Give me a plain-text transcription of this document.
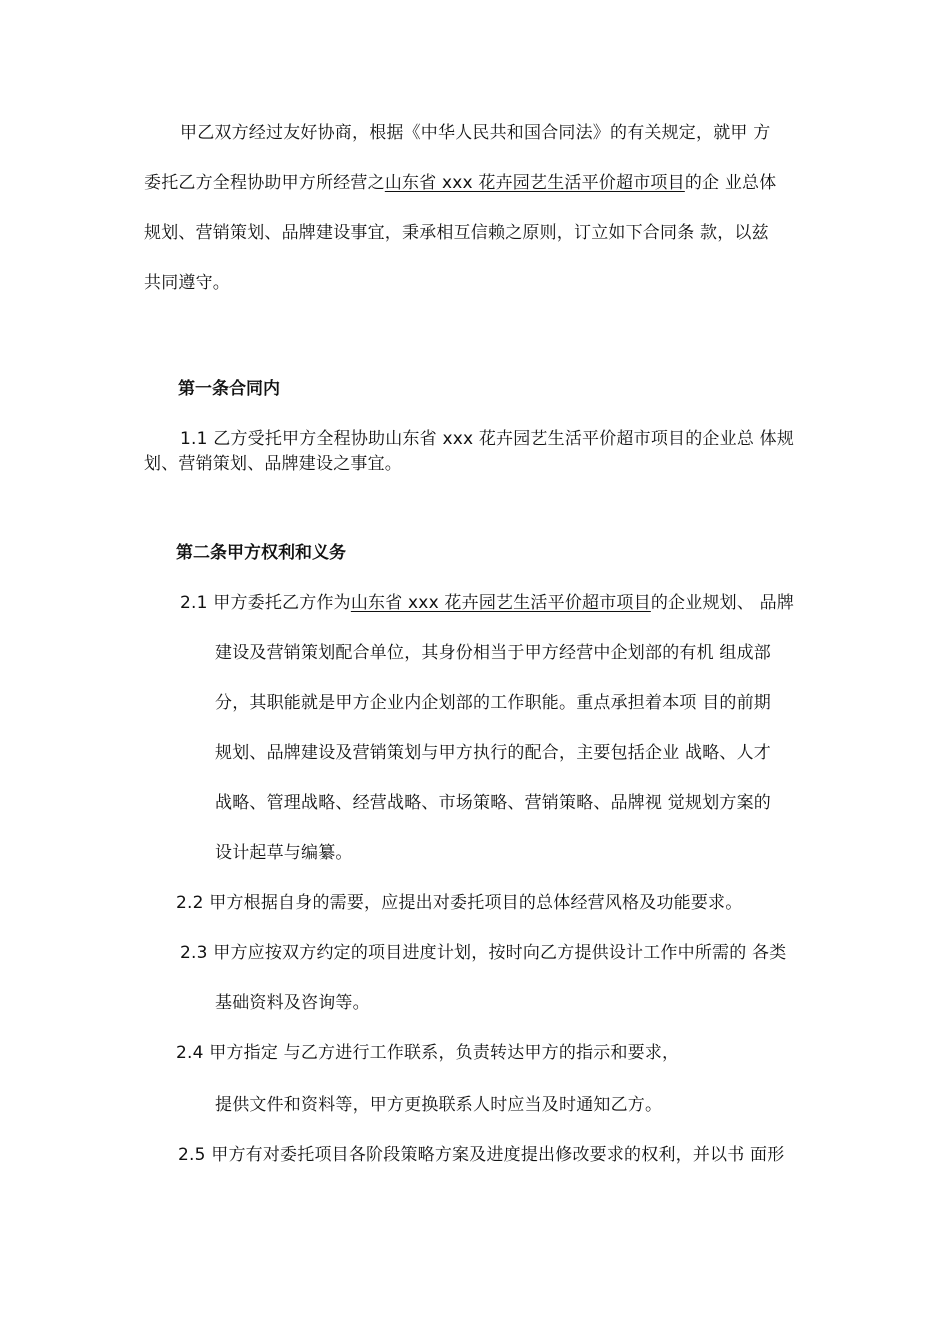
甲乙双方经过友好协商，根据《中华人民共和国合同法》的有关规定，就甲 方
委托乙方全程协助甲方所经营之山东省 xxx 花卉园艺生活平价超市项目的企 业总体
规划、营销策划、品牌建设事宜，秉承相互信赖之原则，订立如下合同条 款，以兹
共同遵守。
第一条合同内
1.1 乙方受托甲方全程协助山东省 xxx 花卉园艺生活平价超市项目的企业总 体规
划、营销策划、品牌建设之事宜。
第二条甲方权利和义务
2.1 甲方委托乙方作为山东省 xxx 花卉园艺生活平价超市项目的企业规划、 品牌
建设及营销策划配合单位，其身份相当于甲方经营中企划部的有机 组成部
分，其职能就是甲方企业内企划部的工作职能。重点承担着本项 目的前期
规划、品牌建设及营销策划与甲方执行的配合，主要包括企业 战略、人才
战略、管理战略、经营战略、市场策略、营销策略、品牌视 觉规划方案的
设计起草与编纂。
2.2 甲方根据自身的需要，应提出对委托项目的总体经营风格及功能要求。
2.3 甲方应按双方约定的项目进度计划，按时向乙方提供设计工作中所需的 各类
基础资料及咨询等。
2.4 甲方指定 与乙方进行工作联系，负责转达甲方的指示和要求，
提供文件和资料等，甲方更换联系人时应当及时通知乙方。
2.5 甲方有对委托项目各阶段策略方案及进度提出修改要求的权利，并以书 面形
